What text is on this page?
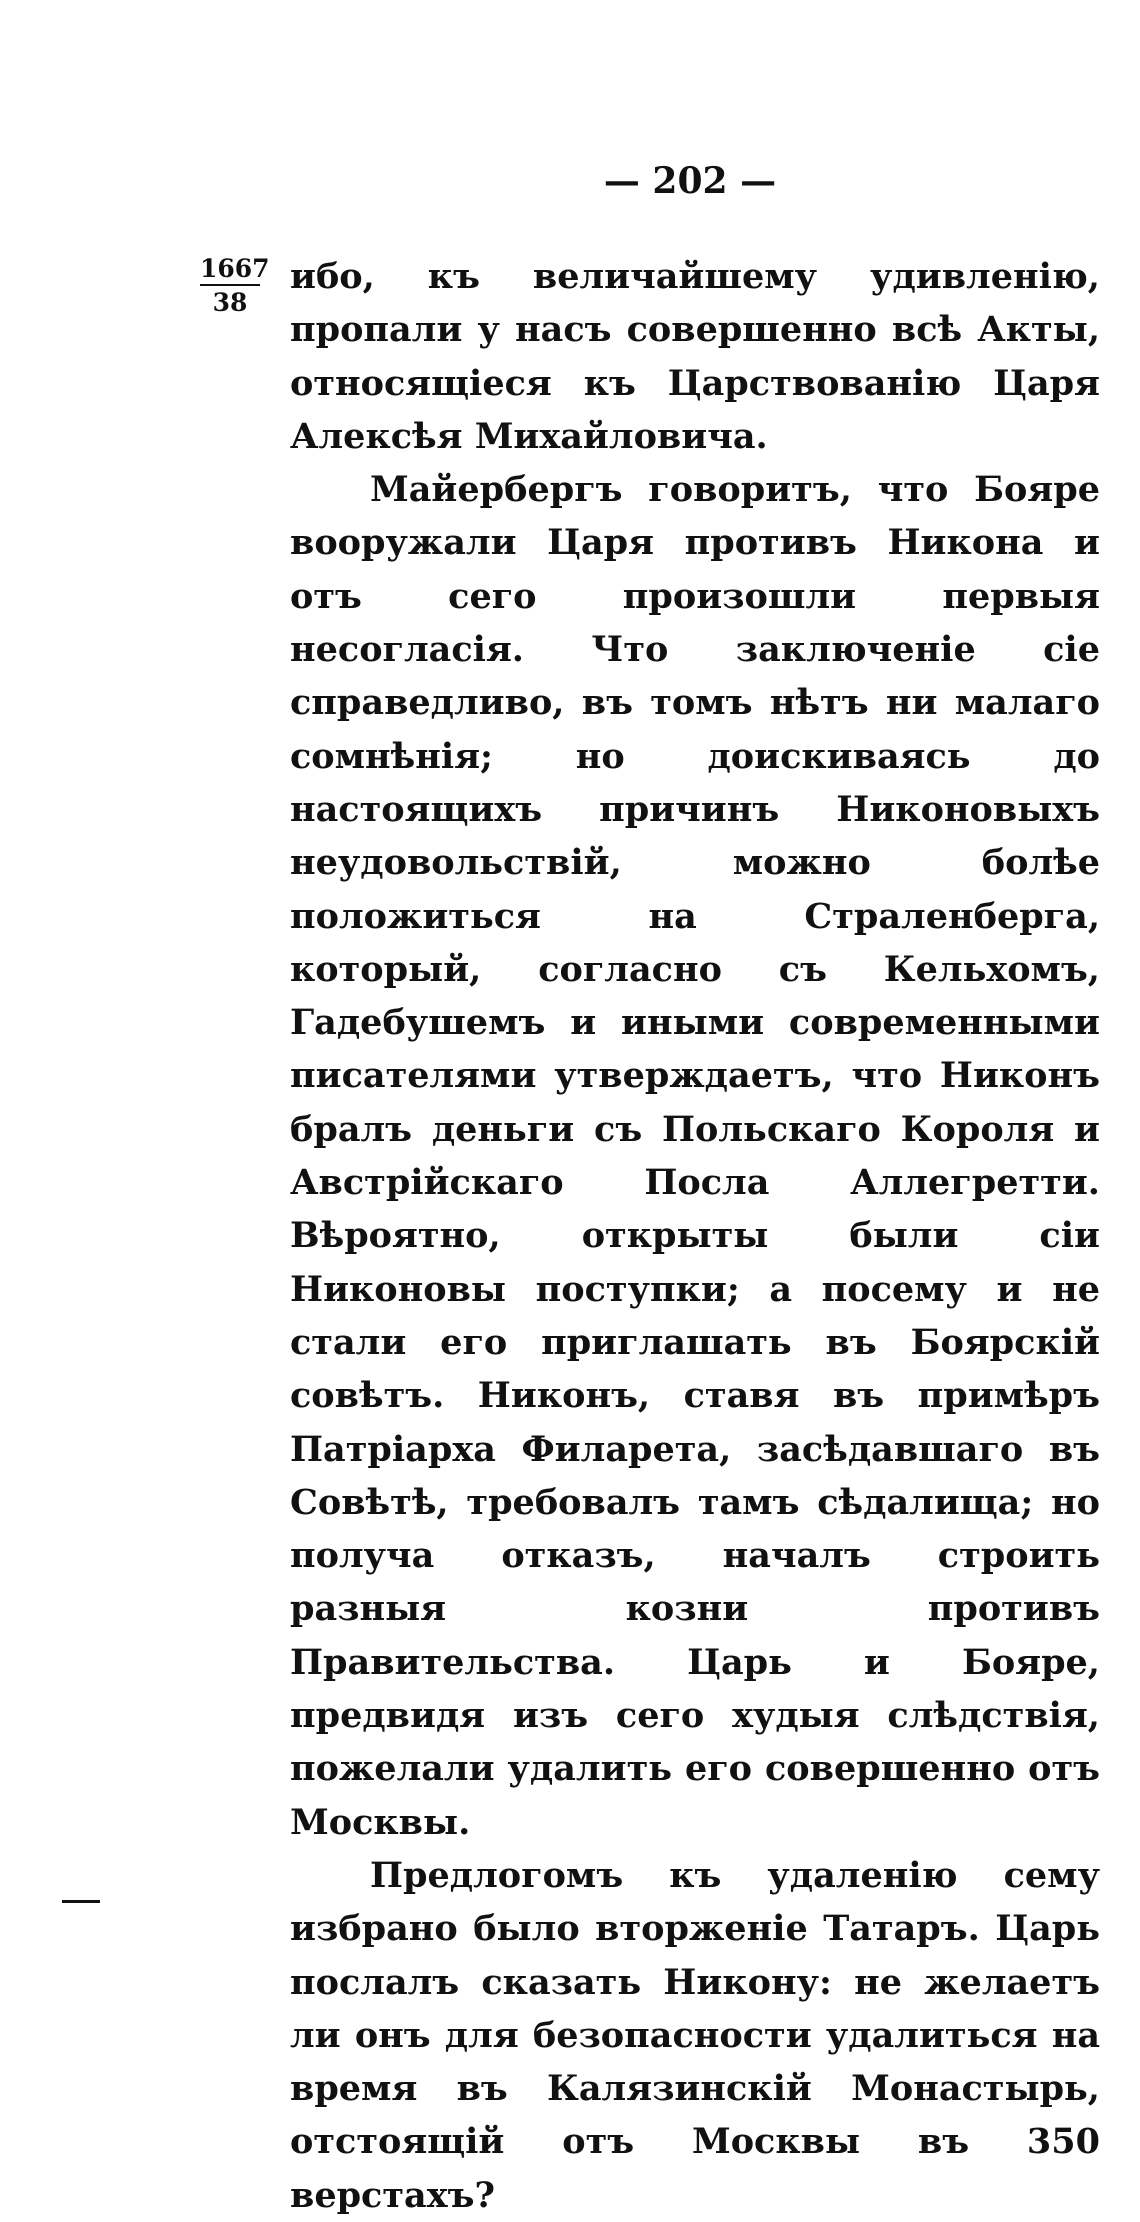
— 202 —
1667
38

ибо, къ величайшему удивленію, пропали у насъ совершенно всѣ Акты, относящіеся къ Царствованію Царя Алексѣя Михайловича.

Майербергъ говоритъ, что Бояре вооружали Царя противъ Никона и отъ сего произошли первыя несогласія. Что заключеніе сіе справедливо, въ томъ нѣтъ ни малаго сомнѣнія; но доискиваясь до настоящихъ причинъ Никоновыхъ неудовольствій, можно болѣе положиться на Страленберга, который, согласно съ Кельхомъ, Гадебушемъ и иными современными писателями утверждаетъ, что Никонъ бралъ деньги съ Польскаго Короля и Австрійскаго Посла Аллегретти. Вѣроятно, открыты были сіи Никоновы поступки; а посему и не стали его приглашать въ Боярскій совѣтъ. Никонъ, ставя въ примѣръ Патріарха Филарета, засѣдавшаго въ Совѣтѣ, требовалъ тамъ сѣдалища; но получа отказъ, началъ строить разныя козни противъ Правительства. Царь и Бояре, предвидя изъ сего худыя слѣдствія, пожелали удалить его совершенно отъ Москвы.

Предлогомъ къ удаленію сему избрано было вторженіе Татаръ. Царь послалъ сказать Никону: не желаетъ ли онъ для безопасности удалиться на время въ Калязинскій Монастырь, отстоящій отъ Москвы въ 350 верстахъ?
